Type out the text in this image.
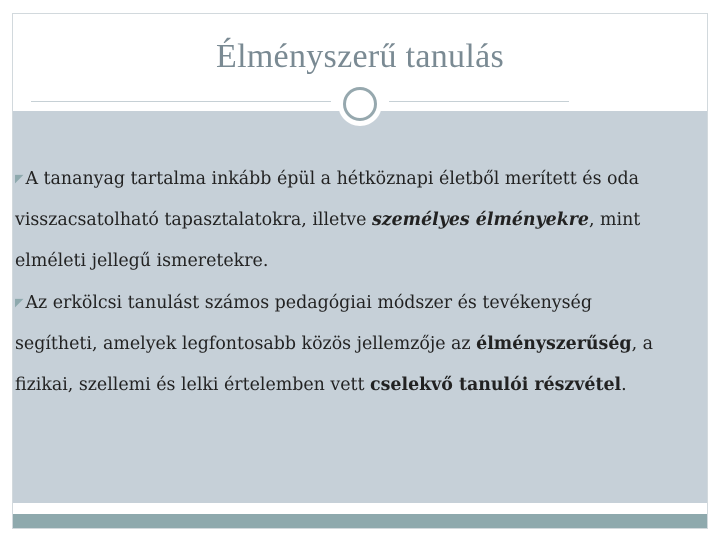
Élményszerű tanulás

◤ A tananyag tartalma inkább épül a hétköznapi életből merített és oda visszacsatolható tapasztalatokra, illetve személyes élményekre, mint elméleti jellegű ismeretekre.

◤ Az erkölcsi tanulást számos pedagógiai módszer és tevékenység segítheti, amelyek legfontosabb közös jellemzője az élményszerűség, a fizikai, szellemi és lelki értelemben vett cselekvő tanulói részvétel.
